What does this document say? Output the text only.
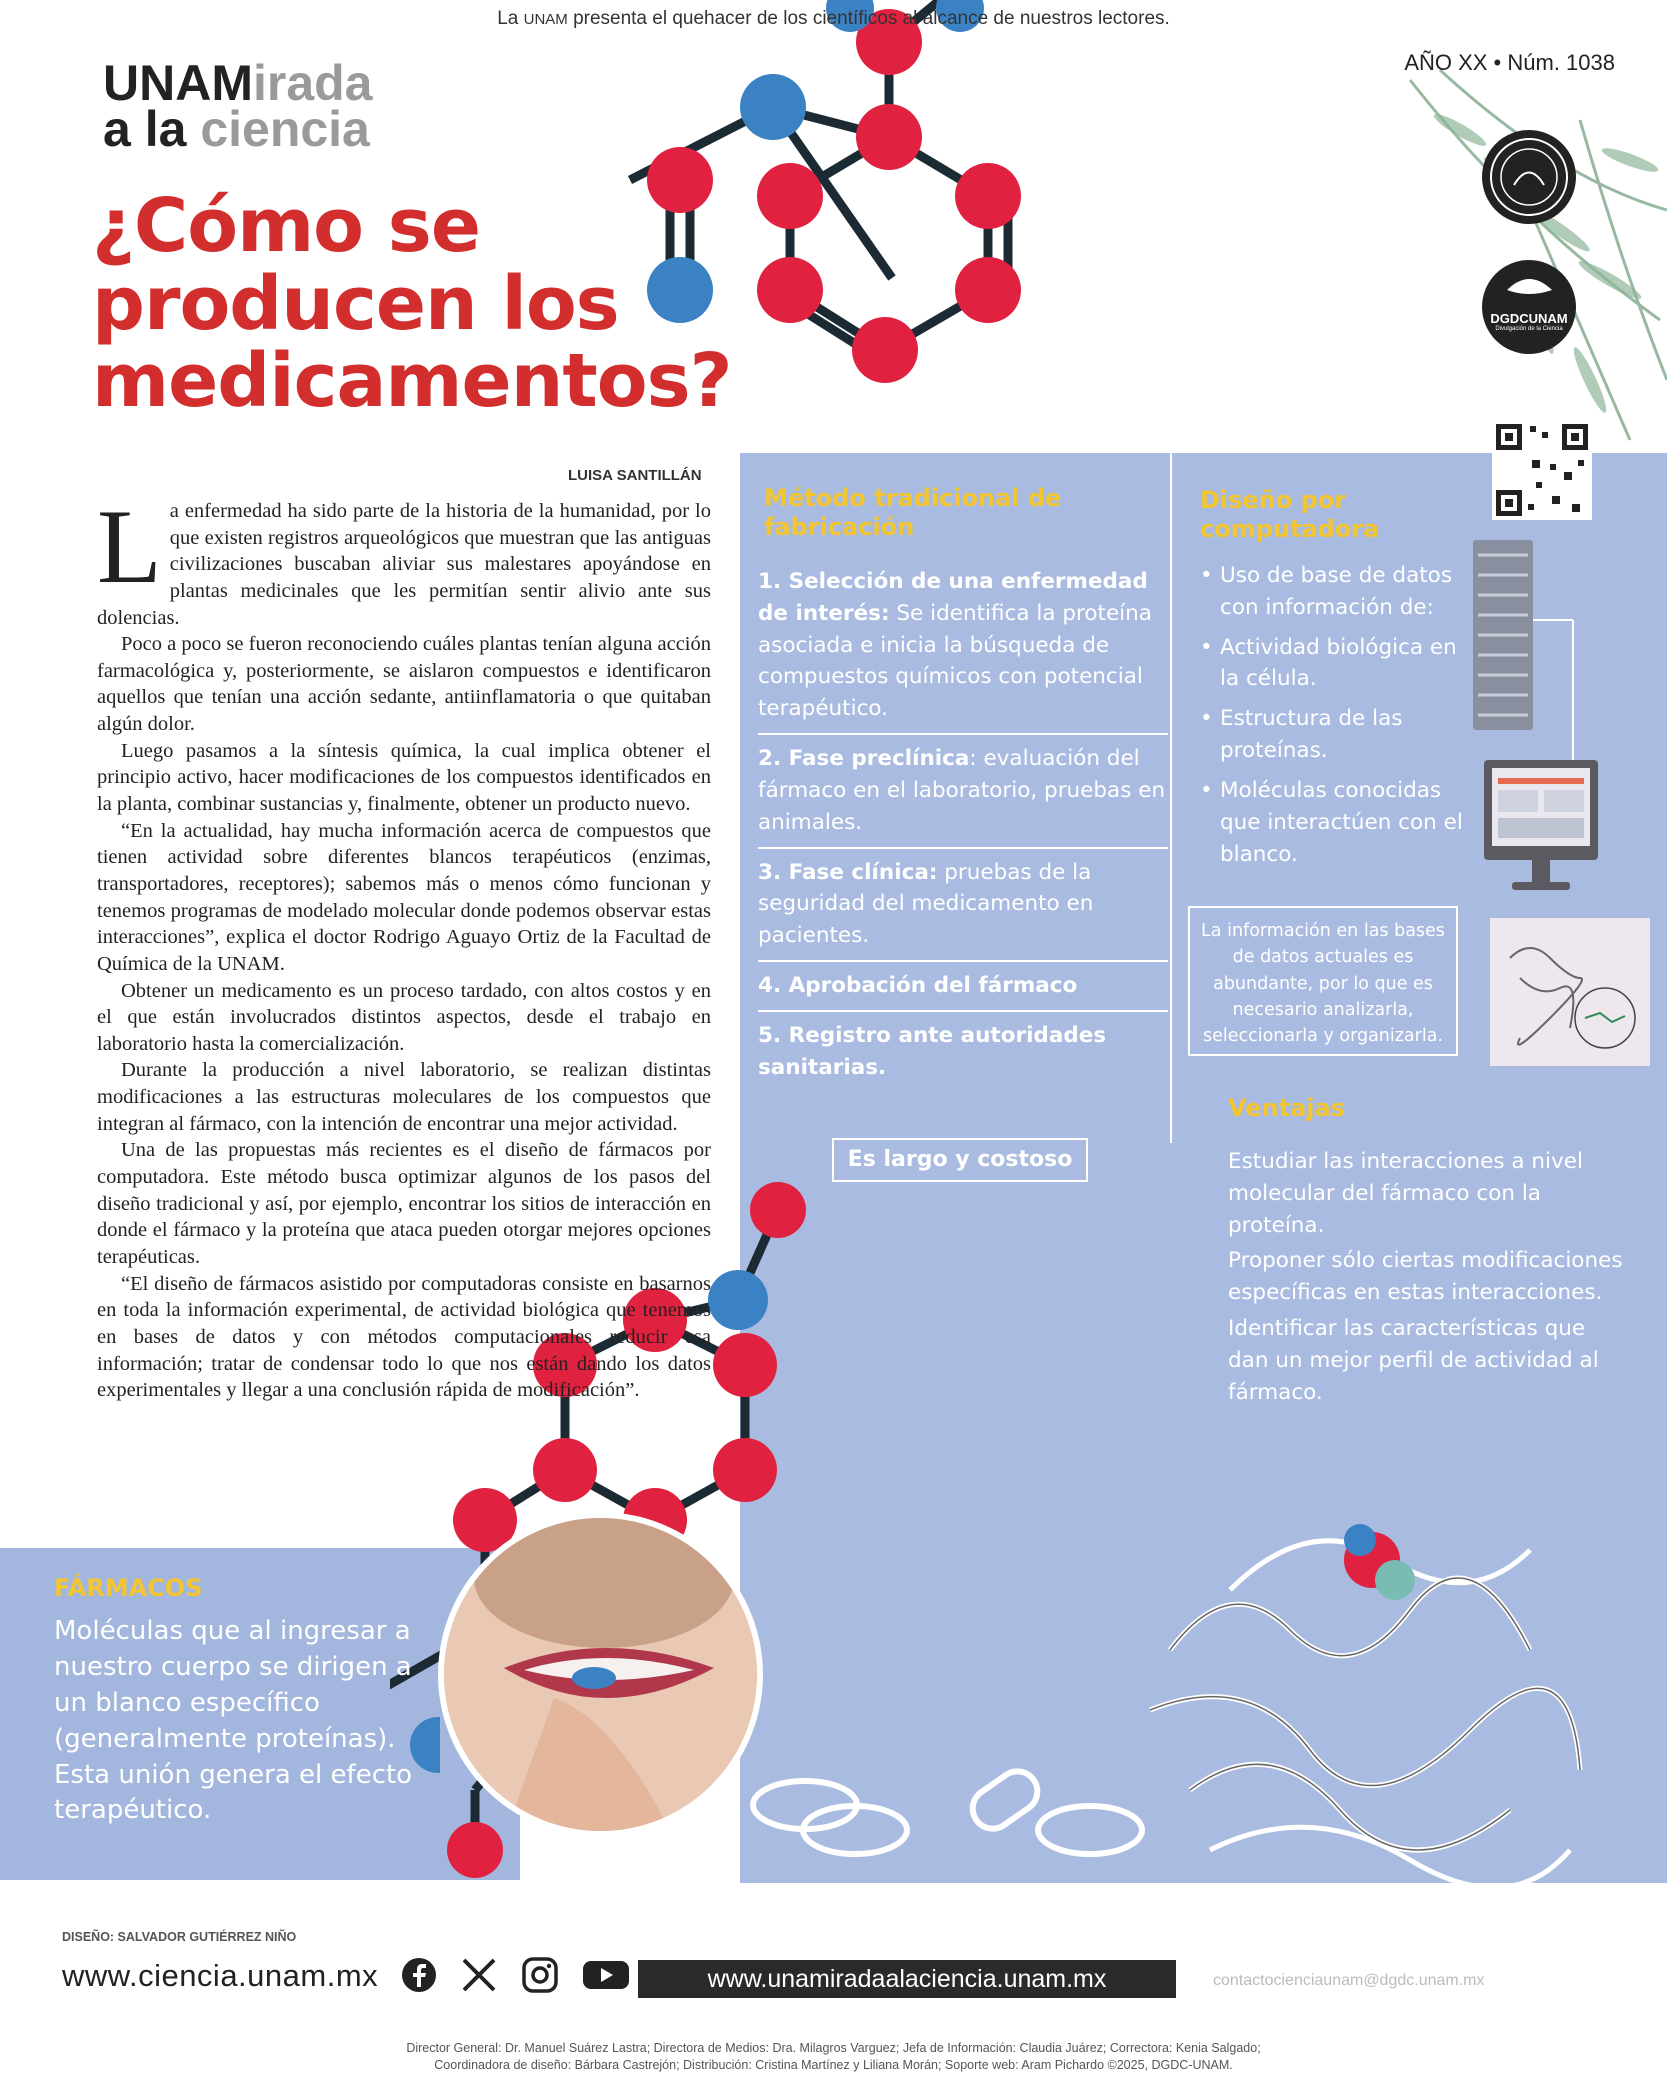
La UNAM presenta el quehacer de los científicos al alcance de nuestros lectores.
UNAMirada
a la ciencia
AÑO XX • Núm. 1038
DGDCUNAM
Divulgación de la Ciencia
¿Cómo se producen los medicamentos?
LUISA SANTILLÁN

La enfermedad ha sido parte de la historia de la humanidad, por lo que existen registros arqueológicos que muestran que las antiguas civilizaciones buscaban aliviar sus malestares apoyándose en plantas medicinales que les permitían sentir alivio ante sus dolencias.

Poco a poco se fueron reconociendo cuáles plantas tenían alguna acción farmacológica y, posteriormente, se aislaron compuestos e identificaron aquellos que tenían una acción sedante, antiinflamatoria o que quitaban algún dolor.

Luego pasamos a la síntesis química, la cual implica obtener el principio activo, hacer modificaciones de los compuestos identificados en la planta, combinar sustancias y, finalmente, obtener un producto nuevo.

“En la actualidad, hay mucha información acerca de compuestos que tienen actividad sobre diferentes blancos terapéuticos (enzimas, transportadores, receptores); sabemos más o menos cómo funcionan y tenemos programas de modelado molecular donde podemos observar estas interacciones”, explica el doctor Rodrigo Aguayo Ortiz de la Facultad de Química de la UNAM.

Obtener un medicamento es un proceso tardado, con altos costos y en el que están involucrados distintos aspectos, desde el trabajo en laboratorio hasta la comercialización.

Durante la producción a nivel laboratorio, se realizan distintas modificaciones a las estructuras moleculares de los compuestos que integran al fármaco, con la intención de encontrar una mejor actividad.

Una de las propuestas más recientes es el diseño de fármacos por computadora. Este método busca optimizar algunos de los pasos del diseño tradicional y así, por ejemplo, encontrar los sitios de interacción en donde el fármaco y la proteína que ataca pueden otorgar mejores opciones terapéuticas.

“El diseño de fármacos asistido por computadoras consiste en basarnos en toda la información experimental, de actividad biológica que tenemos en bases de datos y con métodos computacionales reducir esa información; tratar de condensar todo lo que nos están dando los datos experimentales y llegar a una conclusión rápida de modificación”.

Método tradicional de fabricación
1. Selección de una enfermedad de interés: Se identifica la proteína asociada e inicia la búsqueda de compuestos químicos con potencial terapéutico.
2. Fase preclínica: evaluación del fármaco en el laboratorio, pruebas en animales.
3. Fase clínica: pruebas de la seguridad del medicamento en pacientes.
4. Aprobación del fármaco
5. Registro ante autoridades sanitarias.
Es largo y costoso
Diseño por computadora
• Uso de base de datos con información de:
• Actividad biológica en la célula.
• Estructura de las proteínas.
• Moléculas conocidas que interactúen con el blanco.
La información en las bases de datos actuales es abundante, por lo que es necesario analizarla, seleccionarla y organizarla.
Ventajas
Estudiar las interacciones a nivel molecular del fármaco con la proteína.
Proponer sólo ciertas modificaciones específicas en estas interacciones.
Identificar las características que dan un mejor perfil de actividad al fármaco.
FÁRMACOS
Moléculas que al ingresar a nuestro cuerpo se dirigen a un blanco específico (generalmente proteínas). Esta unión genera el efecto terapéutico.
DISEÑO: SALVADOR GUTIÉRREZ NIÑO
www.ciencia.unam.mx
	www.unamiradaalaciencia.unam.mx	contactocienciaunam@dgdc.unam.mx
Director General: Dr. Manuel Suárez Lastra; Directora de Medios: Dra. Milagros Varguez; Jefa de Información: Claudia Juárez; Correctora: Kenia Salgado;
Coordinadora de diseño: Bárbara Castrejón; Distribución: Cristina Martínez y Liliana Morán; Soporte web: Aram Pichardo ©2025, DGDC-UNAM.
